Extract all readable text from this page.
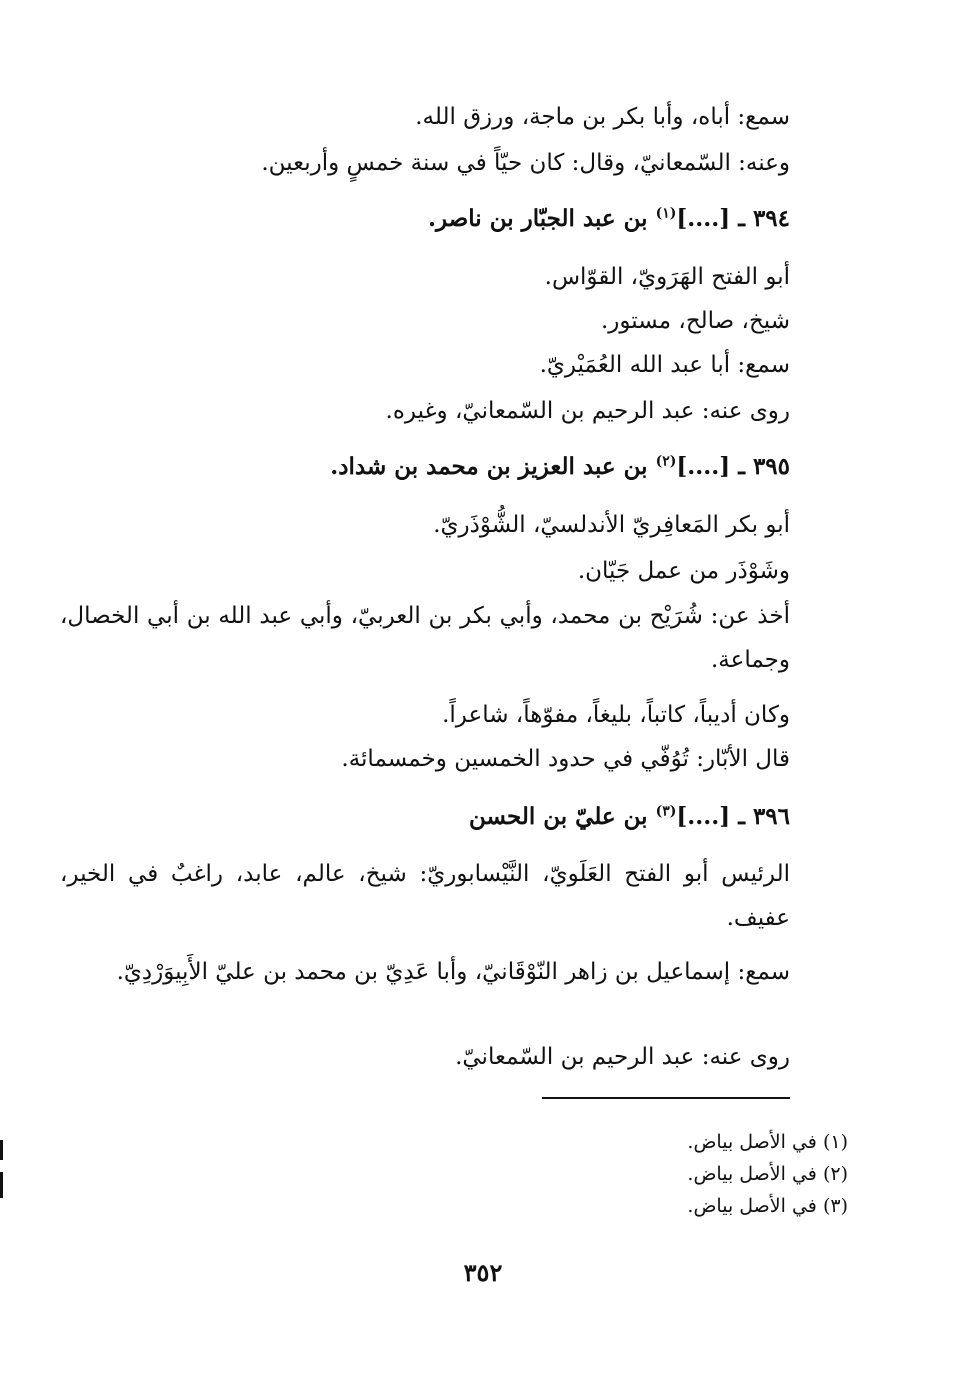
سمع: أباه، وأبا بكر بن ماجة، ورزق الله.
وعنه: السّمعانيّ، وقال: كان حيّاً في سنة خمسٍ وأربعين.
٣٩٤ ـ [....]$^{(١)}$ بن عبد الجبّار بن ناصر.
أبو الفتح الهَرَويّ، القوّاس.
شيخ، صالح، مستور.
سمع: أبا عبد الله العُمَيْريّ.
روى عنه: عبد الرحيم بن السّمعانيّ، وغيره.
٣٩٥ ـ [....]$^{(٢)}$ بن عبد العزيز بن محمد بن شداد.
أبو بكر المَعافِريّ الأندلسيّ، الشُّوْذَريّ.
وشَوْذَر من عمل جَيّان.
أخذ عن: شُرَيْح بن محمد، وأبي بكر بن العربيّ، وأبي عبد الله بن أبي الخصال، وجماعة.
وكان أديباً، كاتباً، بليغاً، مفوّهاً، شاعراً.
قال الأبّار: تُوُفّي في حدود الخمسين وخمسمائة.
٣٩٦ ـ [....]$^{(٣)}$ بن عليّ بن الحسن
الرئيس أبو الفتح العَلَويّ، النَّيْسابوريّ: شيخ، عالم، عابد، راغبٌ في الخير، عفيف.
سمع: إسماعيل بن زاهر النّوْقَانيّ، وأبا عَدِيّ بن محمد بن عليّ الأَبِيوَرْدِيّ.
روى عنه: عبد الرحيم بن السّمعانيّ.
(١) في الأصل بياض.
(٢) في الأصل بياض.
(٣) في الأصل بياض.
٣٥٢
